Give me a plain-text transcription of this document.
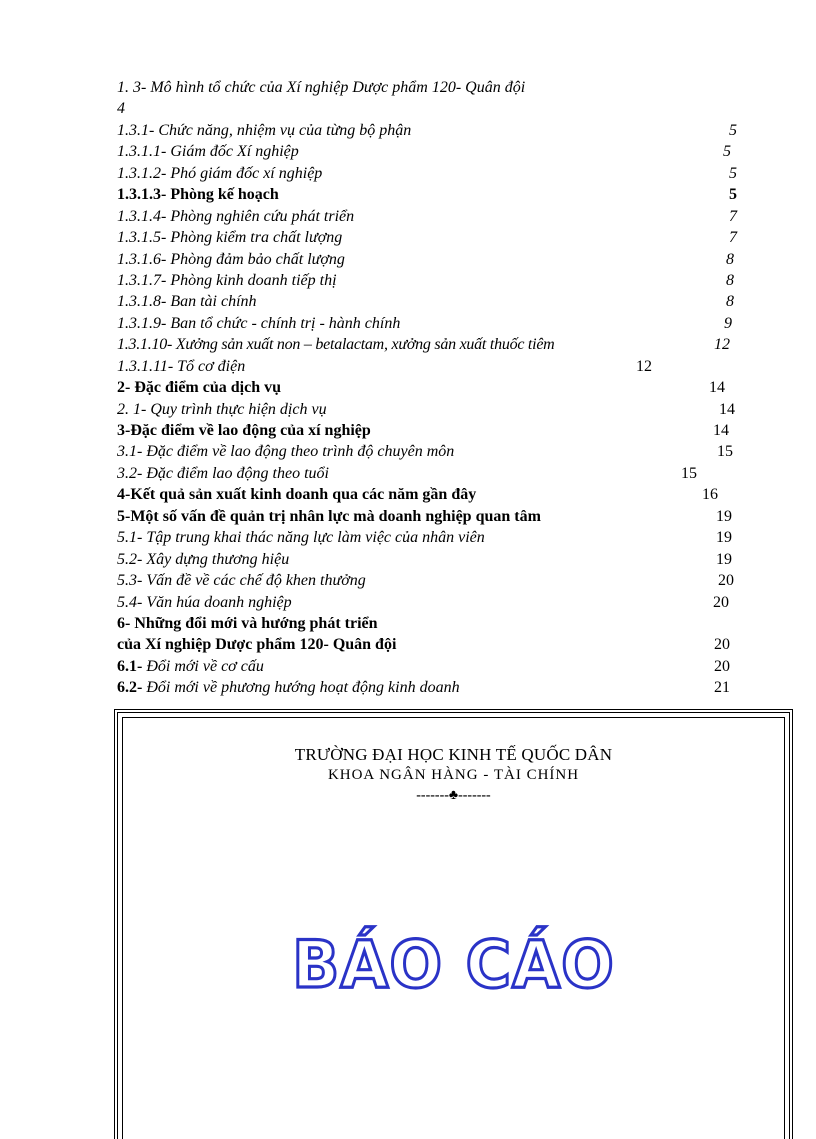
1. 3- Mô hình tổ chức của Xí nghiệp Dược phẩm 120- Quân đội
4
1.3.1- Chức năng, nhiệm vụ của từng bộ phận	5
1.3.1.1- Giám đốc Xí nghiệp	5
1.3.1.2- Phó giám đốc xí nghiệp	5
1.3.1.3- Phòng kế hoạch	5
1.3.1.4- Phòng nghiên cứu phát triển	7
1.3.1.5- Phòng kiểm tra chất lượng	7
1.3.1.6- Phòng đảm bảo chất lượng	8
1.3.1.7- Phòng kinh doanh tiếp thị	8
1.3.1.8- Ban tài chính	8
1.3.1.9- Ban tổ chức - chính trị - hành chính	9
1.3.1.10- Xưởng sản xuất non – betalactam, xưởng sản xuất thuốc tiêm	12
1.3.1.11- Tổ cơ điện	12
2- Đặc điểm của dịch vụ	14
2. 1- Quy trình thực hiện dịch vụ	14
3-Đặc điểm về lao động của xí nghiệp	14
3.1- Đặc điểm về lao động theo trình độ chuyên môn	15
3.2- Đặc điểm lao động theo tuổi	15
4-Kết quả sản xuất kinh doanh qua các năm gần đây	16
5-Một số vấn đề quản trị nhân lực mà doanh nghiệp quan tâm	19
5.1- Tập trung khai thác năng lực làm việc của nhân viên	19
5.2- Xây dựng thương hiệu	19
5.3- Vấn đề về các chế độ khen thưởng	20
5.4- Văn húa doanh nghiệp	20
6- Những đổi mới và hướng phát triển
của Xí nghiệp Dược phẩm 120- Quân đội	20
6.1- Đổi mới về cơ cấu	20
6.2- Đổi mới về phương hướng hoạt động kinh doanh	21
TRƯỜNG ĐẠI HỌC KINH TẾ QUỐC DÂN
KHOA NGÂN HÀNG - TÀI CHÍNH
-------♣-------
BÁO CÁO
